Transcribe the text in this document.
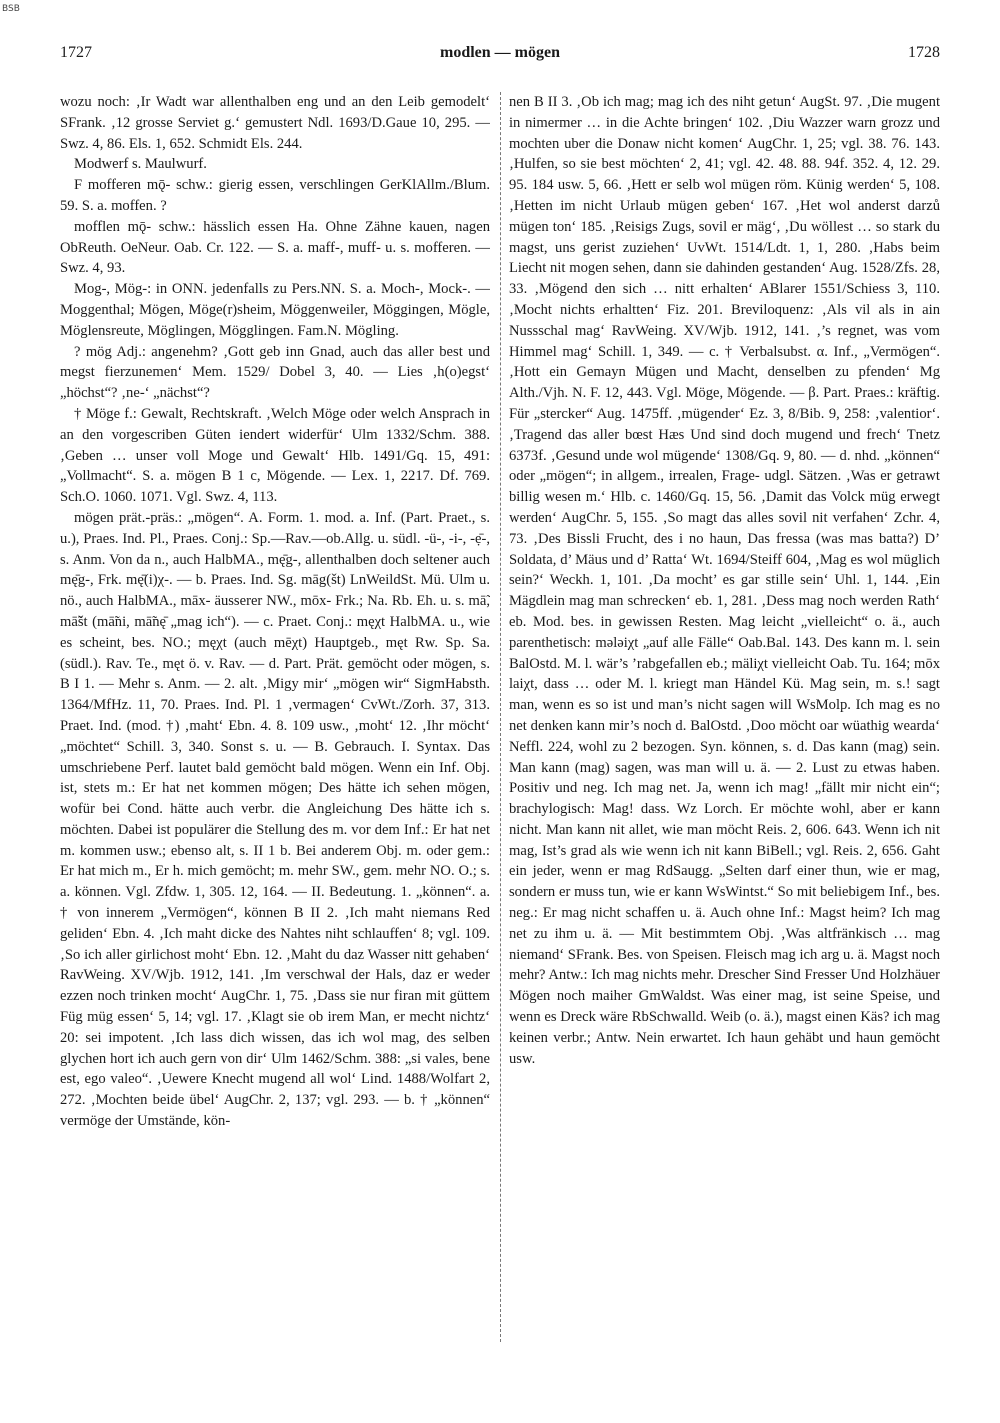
BSB
1727	modlen — mögen	1728

wozu noch: ‚Ir Wadt war allenthalben eng und an den Leib gemodelt‘ SFrank. ‚12 grosse Serviet g.‘ gemustert Ndl. 1693/D.Gaue 10, 295. — Swz. 4, 86. Els. 1, 652. Schmidt Els. 244.

Modwerf s. Maulwurf.

F mofferen mǭ- schw.: gierig essen, verschlingen GerKlAllm./Blum. 59. S. a. moffen. ?

mofflen mǭ- schw.: hässlich essen Ha. Ohne Zähne kauen, nagen ObReuth. OeNeur. Oab. Cr. 122. — S. a. maff-, muff- u. s. mofferen. — Swz. 4, 93.

Mog-, Mög-: in ONN. jedenfalls zu Pers.NN. S. a. Moch-, Mock-. — Moggenthal; Mögen, Möge(r)sheim, Möggenweiler, Möggingen, Mögle, Möglensreute, Möglingen, Mögglingen. Fam.N. Mögling.

? mög Adj.: angenehm? ‚Gott geb inn Gnad, auch das aller best und megst fierzunemen‘ Mem. 1529/ Dobel 3, 40. — Lies ‚h(o)egst‘ „höchst“? ‚ne-‘ „nächst“?

† Möge f.: Gewalt, Rechtskraft. ‚Welch Möge oder welch Ansprach in an den vorgescriben Güten iendert widerfür‘ Ulm 1332/Schm. 388. ‚Geben … unser voll Moge und Gewalt‘ Hlb. 1491/Gq. 15, 491: „Vollmacht“. S. a. mögen B 1 c, Mögende. — Lex. 1, 2217. Df. 769. Sch.O. 1060. 1071. Vgl. Swz. 4, 113.

mögen prät.-präs.: „mögen“. A. Form. 1. mod. a. Inf. (Part. Praet., s. u.), Praes. Ind. Pl., Praes. Conj.: Sp.—Rav.—ob.Allg. u. südl. -ü-, -i-, -ẹ̄-, s. Anm. Von da n., auch HalbMA., mę̄g-, allenthalben doch seltener auch mę̄g-, Frk. mę̄(i)χ-. — b. Praes. Ind. Sg. māg(št) LnWeildSt. Mü. Ulm u. nö., auch HalbMA., māx- äusserer NW., mōx- Frk.; Na. Rb. Eh. u. s. mā̃, mā̃št (mā̃ni, mā̃nę̄ „mag ich“). — c. Praet. Conj.: męχt HalbMA. u., wie es scheint, bes. NO.; męχt (auch mēχt) Hauptgeb., męt Rw. Sp. Sa. (südl.). Rav. Te., męt ö. v. Rav. — d. Part. Prät. gemöcht oder mögen, s. B I 1. — Mehr s. Anm. — 2. alt. ‚Migy mir‘ „mögen wir“ SigmHabsth. 1364/MfHz. 11, 70. Praes. Ind. Pl. 1 ‚vermagen‘ CvWt./Zorh. 37, 313. Praet. Ind. (mod. †) ‚maht‘ Ebn. 4. 8. 109 usw., ‚moht‘ 12. ‚Ihr möcht‘ „möchtet“ Schill. 3, 340. Sonst s. u. — B. Gebrauch. I. Syntax. Das umschriebene Perf. lautet bald gemöcht bald mögen. Wenn ein Inf. Obj. ist, stets m.: Er hat net kommen mögen; Des hätte ich sehen mögen, wofür bei Cond. hätte auch verbr. die Angleichung Des hätte ich s. möchten. Dabei ist populärer die Stellung des m. vor dem Inf.: Er hat net m. kommen usw.; ebenso alt, s. II 1 b. Bei anderem Obj. m. oder gem.: Er hat mich m., Er h. mich gemöcht; m. mehr SW., gem. mehr NO. O.; s. a. können. Vgl. Zfdw. 1, 305. 12, 164. — II. Bedeutung. 1. „können“. a. † von innerem „Vermögen“, können B II 2. ‚Ich maht niemans Red geliden‘ Ebn. 4. ‚Ich maht dicke des Nahtes niht schlauffen‘ 8; vgl. 109. ‚So ich aller girlichost moht‘ Ebn. 12. ‚Maht du daz Wasser nitt gehaben‘ RavWeing. XV/Wjb. 1912, 141. ‚Im verschwal der Hals, daz er weder ezzen noch trinken mocht‘ AugChr. 1, 75. ‚Dass sie nur firan mit güttem Füg müg essen‘ 5, 14; vgl. 17. ‚Klagt sie ob irem Man, er mecht nichtz‘ 20: sei impotent. ‚Ich lass dich wissen, das ich wol mag, des selben glychen hort ich auch gern von dir‘ Ulm 1462/Schm. 388: „si vales, bene est, ego valeo“. ‚Uewere Knecht mugend all wol‘ Lind. 1488/Wolfart 2, 272. ‚Mochten beide übel‘ AugChr. 2, 137; vgl. 293. — b. † „können“ vermöge der Umstände, kön-

nen B II 3. ‚Ob ich mag; mag ich des niht getun‘ AugSt. 97. ‚Die mugent in nimermer … in die Achte bringen‘ 102. ‚Diu Wazzer warn grozz und mochten uber die Donaw nicht komen‘ AugChr. 1, 25; vgl. 38. 76. 143. ‚Hulfen, so sie best möchten‘ 2, 41; vgl. 42. 48. 88. 94f. 352. 4, 12. 29. 95. 184 usw. 5, 66. ‚Hett er selb wol mügen röm. Künig werden‘ 5, 108. ‚Hetten im nicht Urlaub mügen geben‘ 167. ‚Het wol anderst darzů mügen ton‘ 185. ‚Reisigs Zugs, sovil er mäg‘, ‚Du wöllest … so stark du magst, uns gerist zuziehen‘ UvWt. 1514/Ldt. 1, 1, 280. ‚Habs beim Liecht nit mogen sehen, dann sie dahinden gestanden‘ Aug. 1528/Zfs. 28, 33. ‚Mögend den sich … nitt erhalten‘ ABlarer 1551/Schiess 3, 110. ‚Mocht nichts erhaltten‘ Fiz. 201. Breviloquenz: ‚Als vil als in ain Nussschal mag‘ RavWeing. XV/Wjb. 1912, 141. ‚’s regnet, was vom Himmel mag‘ Schill. 1, 349. — c. † Verbalsubst. α. Inf., „Vermögen“. ‚Hott ein Gemayn Mügen und Macht, denselben zu pfenden‘ Mg Alth./Vjh. N. F. 12, 443. Vgl. Möge, Mögende. — β. Part. Praes.: kräftig. Für „stercker“ Aug. 1475ff. ‚mügender‘ Ez. 3, 8/Bib. 9, 258: ‚valentior‘. ‚Tragend das aller bœst Hæs Und sind doch mugend und frech‘ Tnetz 6373f. ‚Gesund unde wol mügende‘ 1308/Gq. 9, 80. — d. nhd. „können“ oder „mögen“; in allgem., irrealen, Frage- udgl. Sätzen. ‚Was er getrawt billig wesen m.‘ Hlb. c. 1460/Gq. 15, 56. ‚Damit das Volck müg erwegt werden‘ AugChr. 5, 155. ‚So magt das alles sovil nit verfahen‘ Zchr. 4, 73. ‚Des Bissli Frucht, des i no haun, Das fressa (was mas batta?) D’ Soldata, d’ Mäus und d’ Ratta‘ Wt. 1694/Steiff 604, ‚Mag es wol müglich sein?‘ Weckh. 1, 101. ‚Da mocht’ es gar stille sein‘ Uhl. 1, 144. ‚Ein Mägdlein mag man schrecken‘ eb. 1, 281. ‚Dess mag noch werden Rath‘ eb. Mod. bes. in gewissen Resten. Mag leicht „vielleicht“ o. ä., auch parenthetisch: məlәiχt „auf alle Fälle“ Oab.Bal. 143. Des kann m. l. sein BalOstd. M. l. wär’s ’rabgefallen eb.; mäliχt vielleicht Oab. Tu. 164; mōx laiχt, dass … oder M. l. kriegt man Händel Kü. Mag sein, m. s.! sagt man, wenn es so ist und man’s nicht sagen will WsMolp. Ich mag es no net denken kann mir’s noch d. BalOstd. ‚Doo möcht oar wüathig wearda‘ Neffl. 224, wohl zu 2 bezogen. Syn. können, s. d. Das kann (mag) sein. Man kann (mag) sagen, was man will u. ä. — 2. Lust zu etwas haben. Positiv und neg. Ich mag net. Ja, wenn ich mag! „fällt mir nicht ein“; brachylogisch: Mag! dass. Wz Lorch. Er möchte wohl, aber er kann nicht. Man kann nit allet, wie man möcht Reis. 2, 606. 643. Wenn ich nit mag, Ist’s grad als wie wenn ich nit kann BiBell.; vgl. Reis. 2, 656. Gaht ein jeder, wenn er mag RdSaugg. „Selten darf einer thun, wie er mag, sondern er muss tun, wie er kann WsWintst.“ So mit beliebigem Inf., bes. neg.: Er mag nicht schaffen u. ä. Auch ohne Inf.: Magst heim? Ich mag net zu ihm u. ä. — Mit bestimmtem Obj. ‚Was altfränkisch … mag niemand‘ SFrank. Bes. von Speisen. Fleisch mag ich arg u. ä. Magst noch mehr? Antw.: Ich mag nichts mehr. Drescher Sind Fresser Und Holzhäuer Mögen noch maiher GmWaldst. Was einer mag, ist seine Speise, und wenn es Dreck wäre RbSchwalld. Weib (o. ä.), magst einen Käs? ich mag keinen verbr.; Antw. Nein erwartet. Ich haun gehäbt und haun gemöcht usw.
